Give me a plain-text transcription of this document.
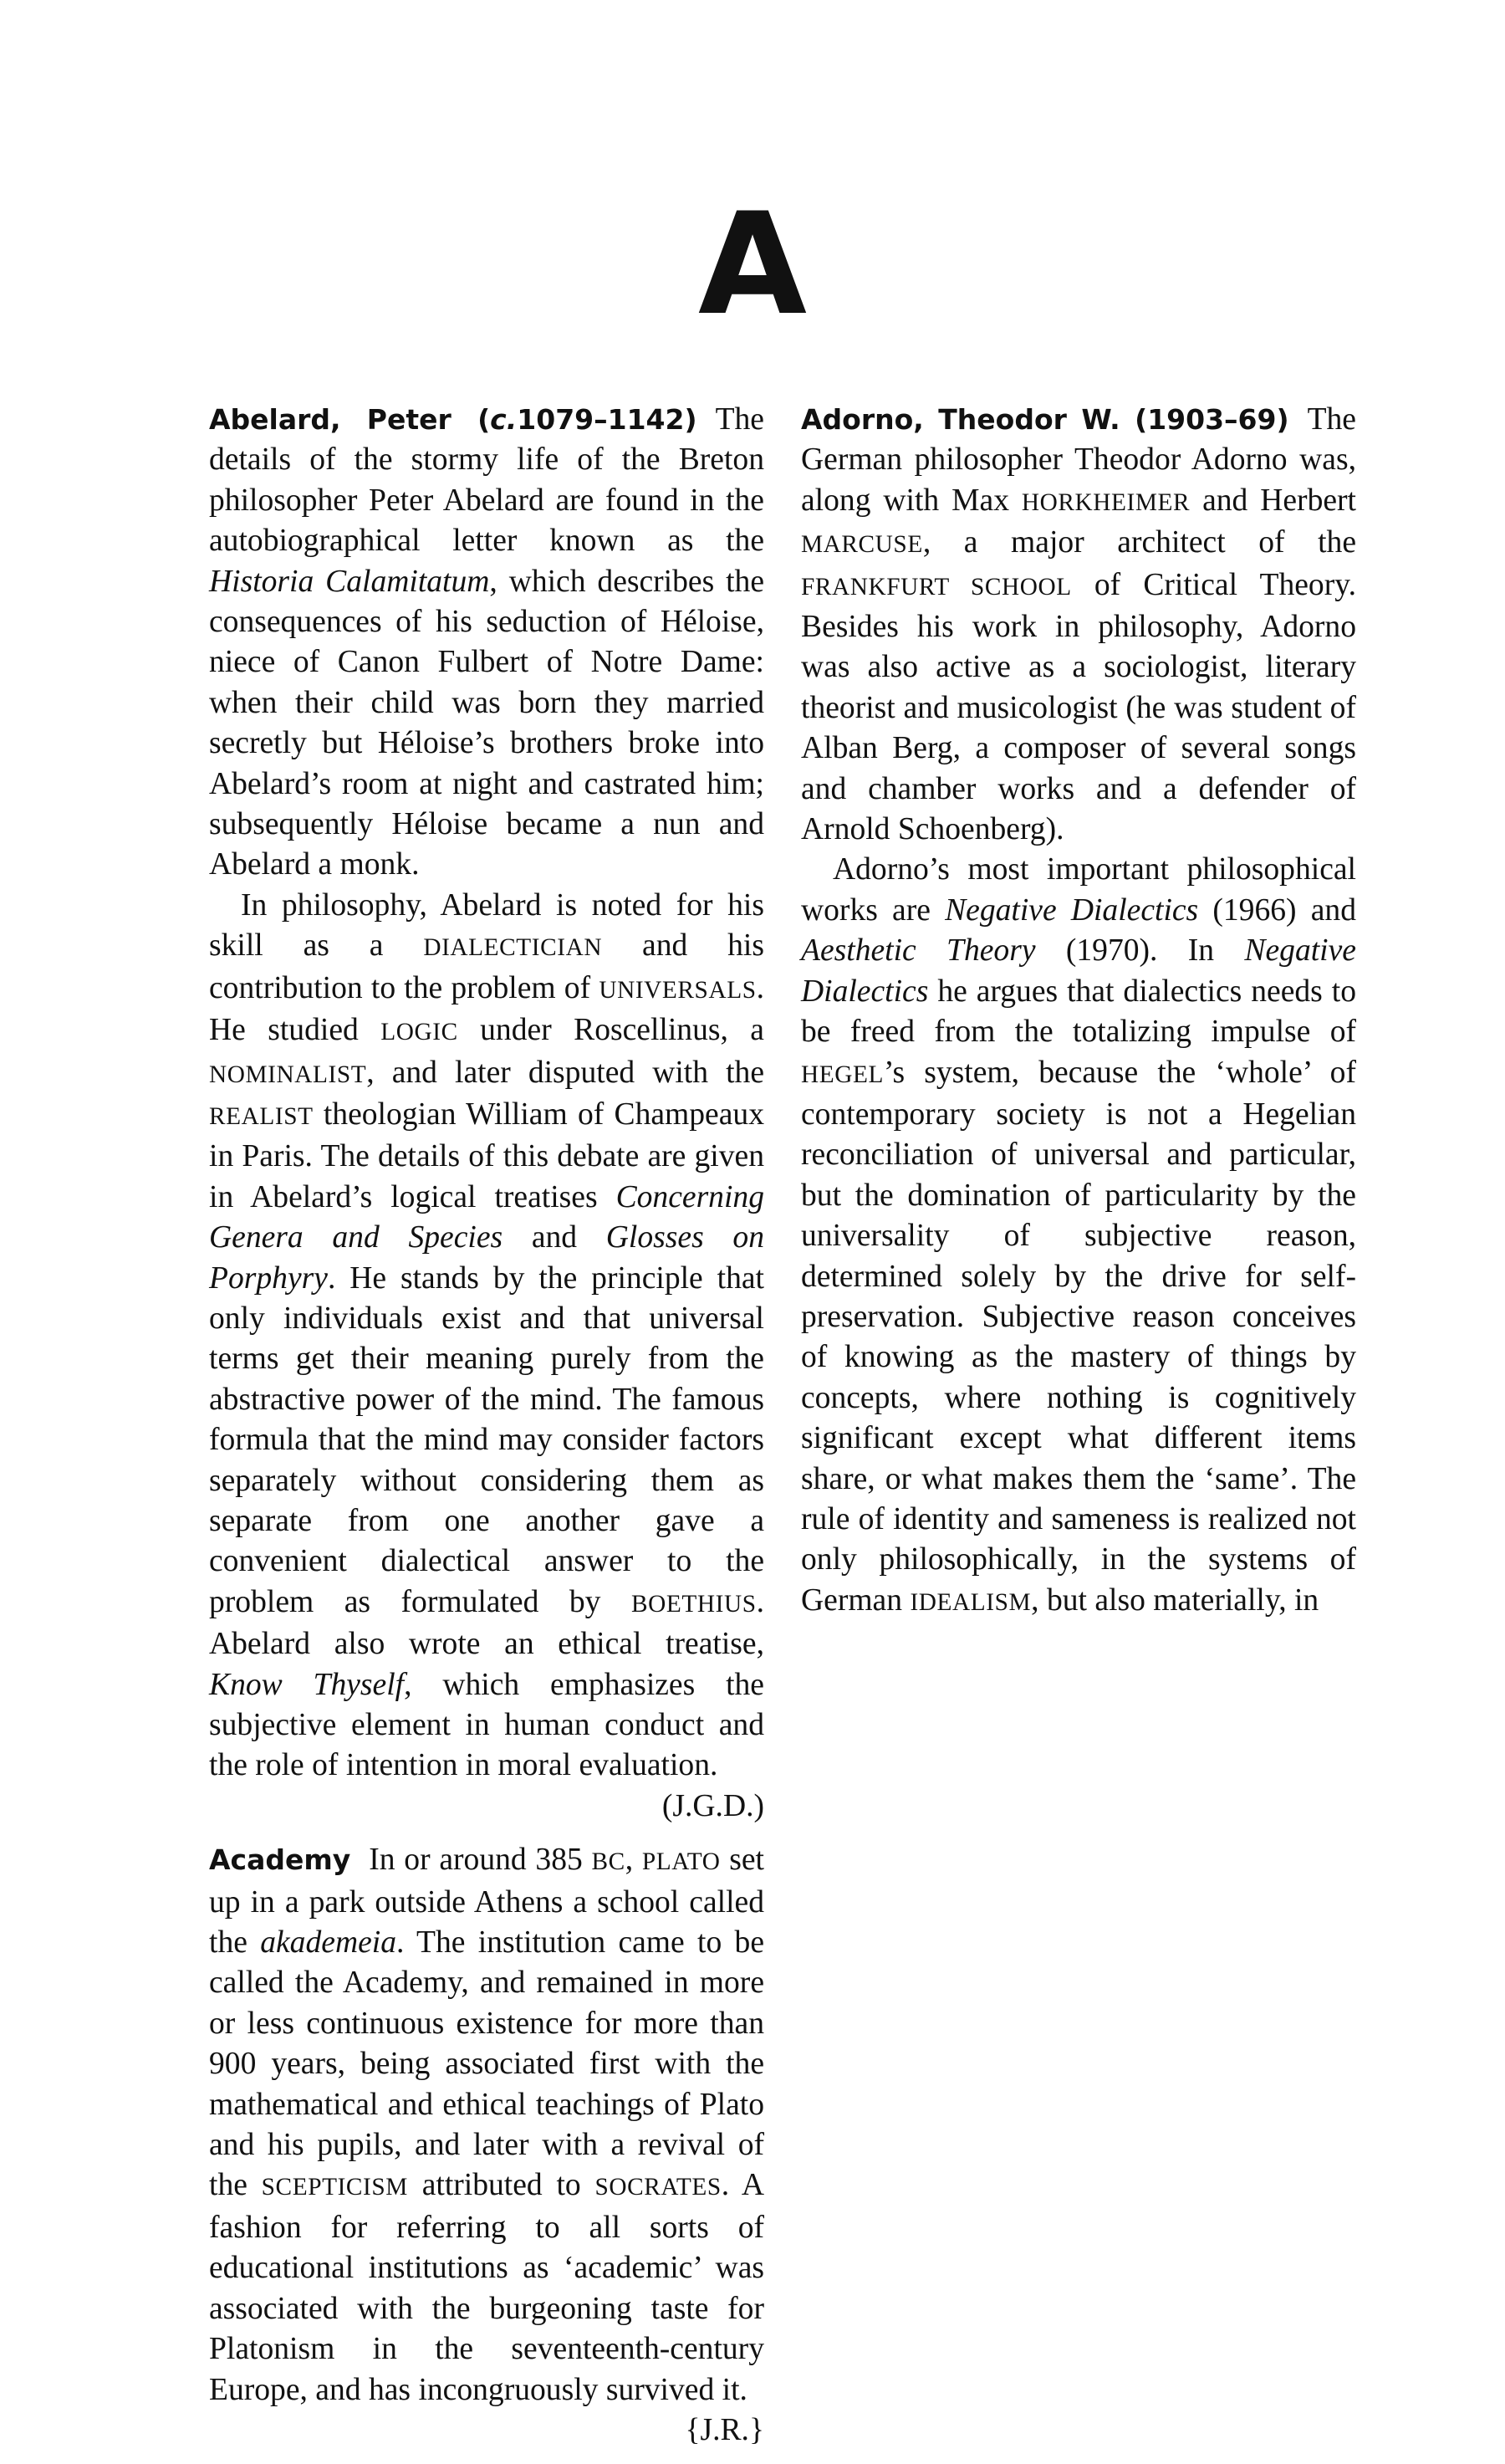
A

Abelard, Peter (c.1079–1142) The details of the stormy life of the Breton philosopher Peter Abelard are found in the autobiographical letter known as the Historia Calamitatum, which describes the consequences of his seduction of Héloise, niece of Canon Fulbert of Notre Dame: when their child was born they married secretly but Héloise’s brothers broke into Abelard’s room at night and castrated him; subsequently Héloise became a nun and Abelard a monk.

In philosophy, Abelard is noted for his skill as a DIALECTICIAN and his contribution to the problem of UNIVERSALS. He studied LOGIC under Roscellinus, a NOMINALIST, and later disputed with the REALIST theologian William of Champeaux in Paris. The details of this debate are given in Abelard’s logical treatises Concerning Genera and Species and Glosses on Porphyry. He stands by the principle that only individuals exist and that universal terms get their meaning purely from the abstractive power of the mind. The famous formula that the mind may consider factors separately without considering them as separate from one another gave a convenient dialectical answer to the problem as formulated by BOETHIUS. Abelard also wrote an ethical treatise, Know Thyself, which emphasizes the subjective element in human conduct and the role of intention in moral evaluation.
(J.G.D.)

Academy In or around 385 BC, PLATO set up in a park outside Athens a school called the akademeia. The institution came to be called the Academy, and remained in more or less continuous existence for more than 900 years, being associated first with the mathematical and ethical teachings of Plato and his pupils, and later with a revival of the SCEPTICISM attributed to SOCRATES. A fashion for referring to all sorts of educational institutions as ‘academic’ was associated with the burgeoning taste for Platonism in the seventeenth-century Europe, and has incongruously survived it.
{J.R.}

Adorno, Theodor W. (1903–69) The German philosopher Theodor Adorno was, along with Max HORKHEIMER and Herbert MARCUSE, a major architect of the FRANKFURT SCHOOL of Critical Theory. Besides his work in philosophy, Adorno was also active as a sociologist, literary theorist and musicologist (he was student of Alban Berg, a composer of several songs and chamber works and a defender of Arnold Schoenberg).

Adorno’s most important philosophical works are Negative Dialectics (1966) and Aesthetic Theory (1970). In Negative Dialectics he argues that dialectics needs to be freed from the totalizing impulse of HEGEL’s system, because the ‘whole’ of contemporary society is not a Hegelian reconciliation of universal and particular, but the domination of particularity by the universality of subjective reason, determined solely by the drive for self-preservation. Subjective reason conceives of knowing as the mastery of things by concepts, where nothing is cognitively significant except what different items share, or what makes them the ‘same’. The rule of identity and sameness is realized not only philosophically, in the systems of German IDEALISM, but also materially, in
